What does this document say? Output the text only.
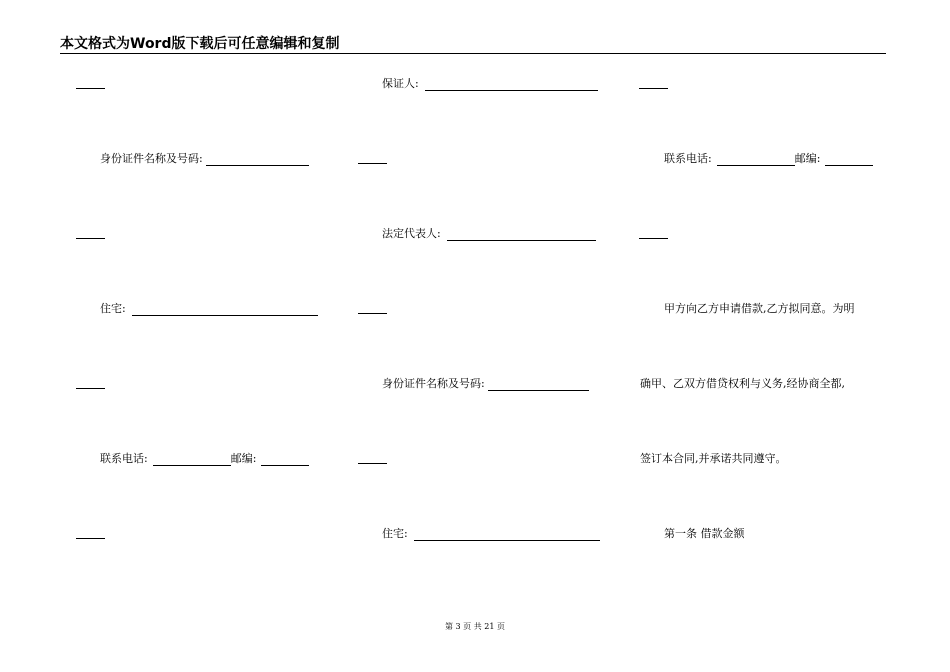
本文格式为Word版下载后可任意编辑和复制
身份证件名称及号码:
住宅:
联系电话:	邮编:
保证人:
法定代表人:
身份证件名称及号码:
住宅:
联系电话:	邮编:
甲方向乙方申请借款,乙方拟同意。为明
确甲、乙双方借贷权利与义务,经协商全都,
签订本合同,并承诺共同遵守。
第一条 借款金额
第 3 页 共 21 页
